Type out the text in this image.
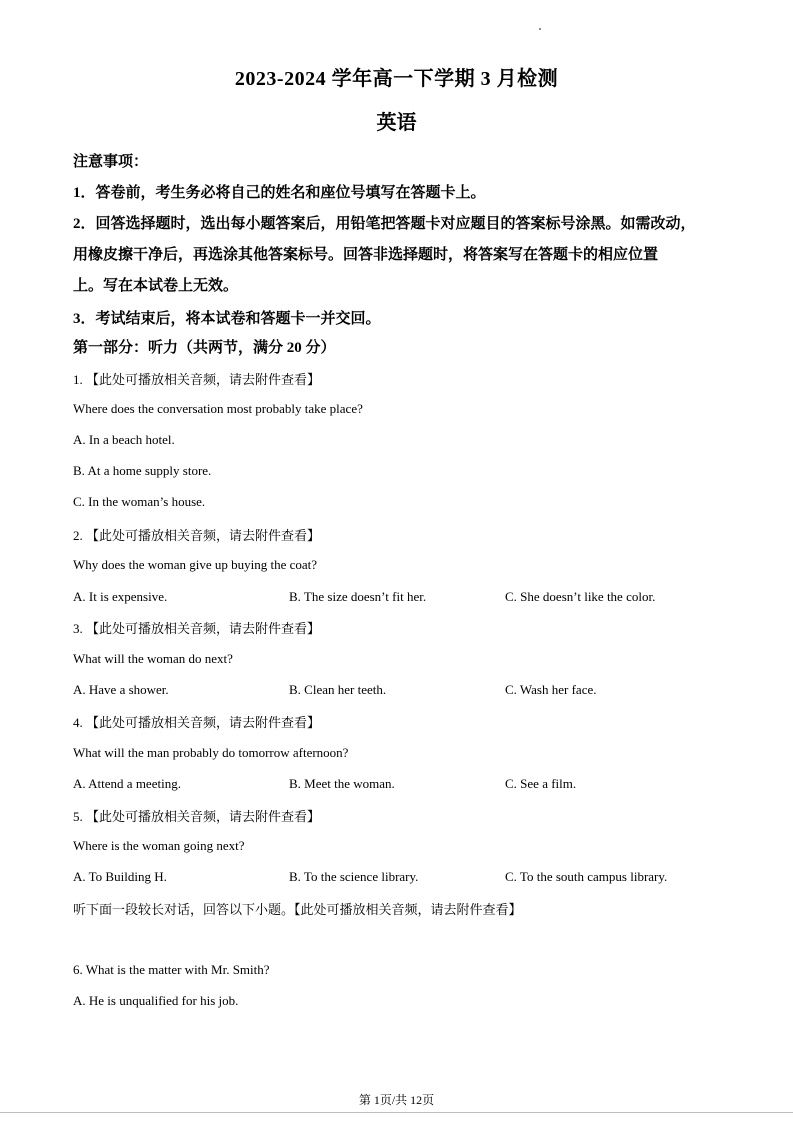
2023-2024 学年高一下学期 3 月检测
英语
注意事项：
1．答卷前，考生务必将自己的姓名和座位号填写在答题卡上。
2．回答选择题时，选出每小题答案后，用铅笔把答题卡对应题目的答案标号涂黑。如需改动，
用橡皮擦干净后，再选涂其他答案标号。回答非选择题时，将答案写在答题卡的相应位置
上。写在本试卷上无效。
3．考试结束后，将本试卷和答题卡一并交回。
第一部分：听力（共两节，满分 20 分）
1. 【此处可播放相关音频，请去附件查看】
Where does the conversation most probably take place?
A. In a beach hotel.
B. At a home supply store.
C. In the woman’s house.
2. 【此处可播放相关音频，请去附件查看】
Why does the woman give up buying the coat?
A. It is expensive.	B. The size doesn’t fit her.	C. She doesn’t like the color.
3. 【此处可播放相关音频，请去附件查看】
What will the woman do next?
A. Have a shower.	B. Clean her teeth.	C. Wash her face.
4. 【此处可播放相关音频，请去附件查看】
What will the man probably do tomorrow afternoon?
A. Attend a meeting.	B. Meet the woman.	C. See a film.
5. 【此处可播放相关音频，请去附件查看】
Where is the woman going next?
A. To Building H.	B. To the science library.	C. To the south campus library.
听下面一段较长对话，回答以下小题。【此处可播放相关音频，请去附件查看】
6. What is the matter with Mr. Smith?
A. He is unqualified for his job.
第 1页/共 12页
